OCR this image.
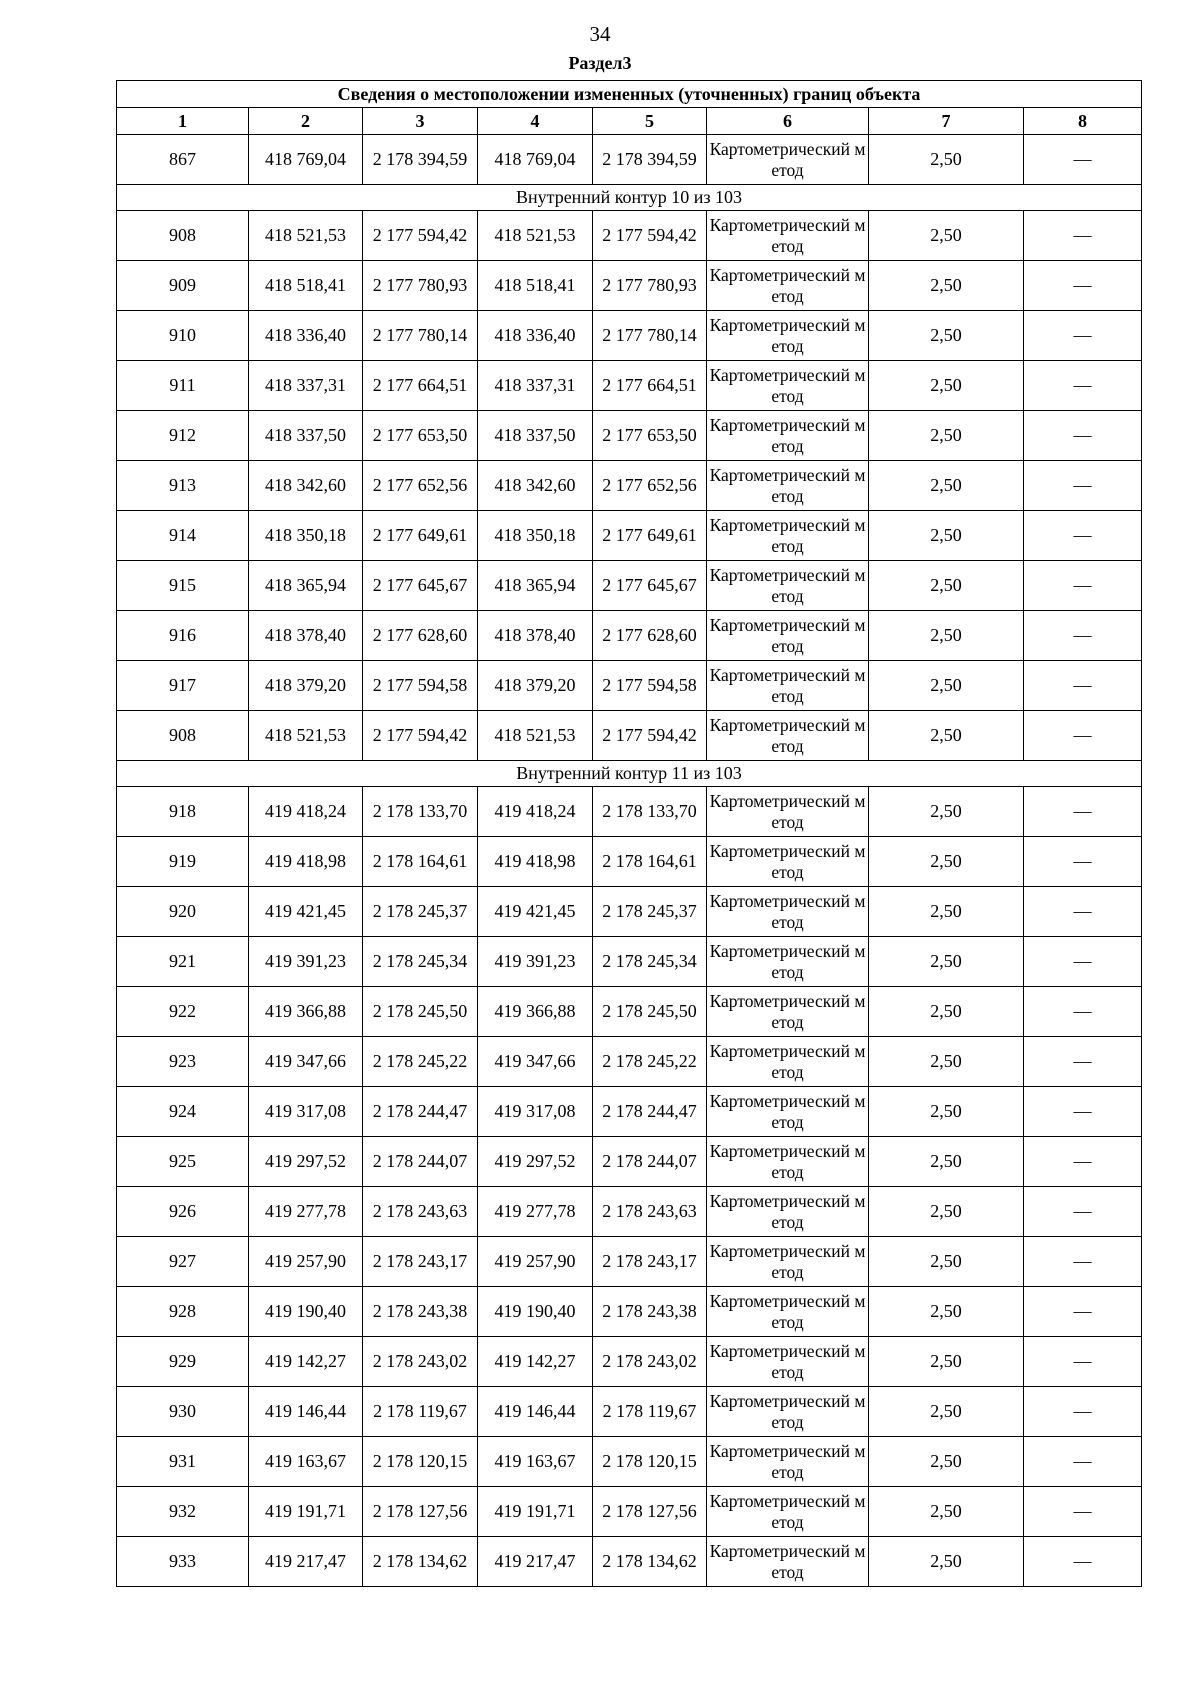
34
Раздел3
Сведения о местоположении измененных (уточненных) границ объекта							
1	2	3	4	5	6	7	8
867	418 769,04	2 178 394,59	418 769,04	2 178 394,59	Картометрический метод	2,50	—
Внутренний контур 10 из 103							
908	418 521,53	2 177 594,42	418 521,53	2 177 594,42	Картометрический метод	2,50	—
909	418 518,41	2 177 780,93	418 518,41	2 177 780,93	Картометрический метод	2,50	—
910	418 336,40	2 177 780,14	418 336,40	2 177 780,14	Картометрический метод	2,50	—
911	418 337,31	2 177 664,51	418 337,31	2 177 664,51	Картометрический метод	2,50	—
912	418 337,50	2 177 653,50	418 337,50	2 177 653,50	Картометрический метод	2,50	—
913	418 342,60	2 177 652,56	418 342,60	2 177 652,56	Картометрический метод	2,50	—
914	418 350,18	2 177 649,61	418 350,18	2 177 649,61	Картометрический метод	2,50	—
915	418 365,94	2 177 645,67	418 365,94	2 177 645,67	Картометрический метод	2,50	—
916	418 378,40	2 177 628,60	418 378,40	2 177 628,60	Картометрический метод	2,50	—
917	418 379,20	2 177 594,58	418 379,20	2 177 594,58	Картометрический метод	2,50	—
908	418 521,53	2 177 594,42	418 521,53	2 177 594,42	Картометрический метод	2,50	—
Внутренний контур 11 из 103							
918	419 418,24	2 178 133,70	419 418,24	2 178 133,70	Картометрический метод	2,50	—
919	419 418,98	2 178 164,61	419 418,98	2 178 164,61	Картометрический метод	2,50	—
920	419 421,45	2 178 245,37	419 421,45	2 178 245,37	Картометрический метод	2,50	—
921	419 391,23	2 178 245,34	419 391,23	2 178 245,34	Картометрический метод	2,50	—
922	419 366,88	2 178 245,50	419 366,88	2 178 245,50	Картометрический метод	2,50	—
923	419 347,66	2 178 245,22	419 347,66	2 178 245,22	Картометрический метод	2,50	—
924	419 317,08	2 178 244,47	419 317,08	2 178 244,47	Картометрический метод	2,50	—
925	419 297,52	2 178 244,07	419 297,52	2 178 244,07	Картометрический метод	2,50	—
926	419 277,78	2 178 243,63	419 277,78	2 178 243,63	Картометрический метод	2,50	—
927	419 257,90	2 178 243,17	419 257,90	2 178 243,17	Картометрический метод	2,50	—
928	419 190,40	2 178 243,38	419 190,40	2 178 243,38	Картометрический метод	2,50	—
929	419 142,27	2 178 243,02	419 142,27	2 178 243,02	Картометрический метод	2,50	—
930	419 146,44	2 178 119,67	419 146,44	2 178 119,67	Картометрический метод	2,50	—
931	419 163,67	2 178 120,15	419 163,67	2 178 120,15	Картометрический метод	2,50	—
932	419 191,71	2 178 127,56	419 191,71	2 178 127,56	Картометрический метод	2,50	—
933	419 217,47	2 178 134,62	419 217,47	2 178 134,62	Картометрический метод	2,50	—
